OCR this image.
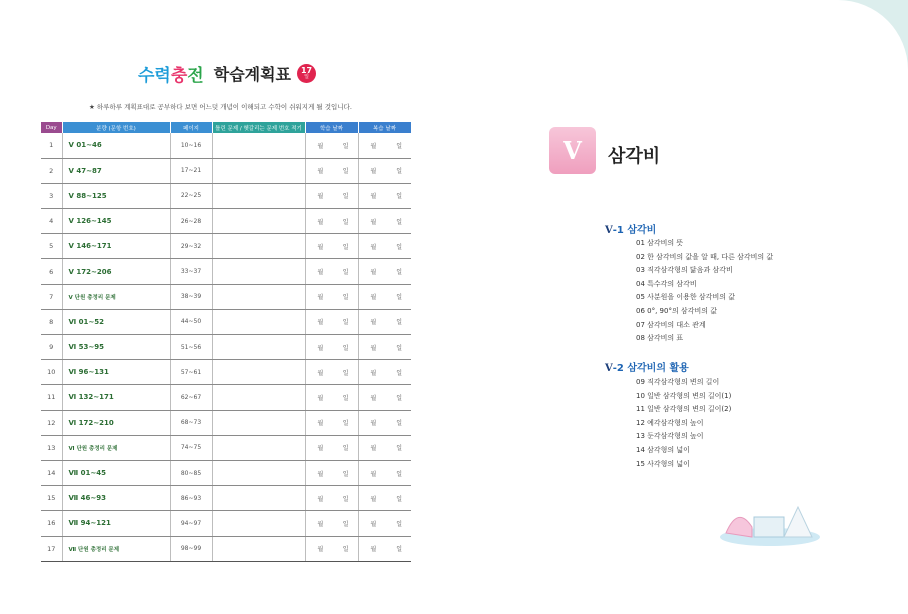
수력충전 학습계획표 17
일
★ 하루하루 계획표대로 공부하다 보면 어느덧 개념이 이해되고 수학이 쉬워지게 될 것입니다.
Day	분량 (문항 번호)	페이지	틀린 문제 / 헷갈리는 문제 번호 적기	학습 날짜	복습 날짜
1	Ⅴ 01~46	10~16		월 일	월 일

2	Ⅴ 47~87	17~21		월 일	월 일

3	Ⅴ 88~125	22~25		월 일	월 일

4	Ⅴ 126~145	26~28		월 일	월 일

5	Ⅴ 146~171	29~32		월 일	월 일

6	Ⅴ 172~206	33~37		월 일	월 일

7	Ⅴ 단원 총정리 문제	38~39		월 일	월 일

8	Ⅵ 01~52	44~50		월 일	월 일

9	Ⅵ 53~95	51~56		월 일	월 일

10	Ⅵ 96~131	57~61		월 일	월 일

11	Ⅵ 132~171	62~67		월 일	월 일

12	Ⅵ 172~210	68~73		월 일	월 일

13	Ⅵ 단원 총정리 문제	74~75		월 일	월 일

14	Ⅶ 01~45	80~85		월 일	월 일

15	Ⅶ 46~93	86~93		월 일	월 일

16	Ⅶ 94~121	94~97		월 일	월 일

17	Ⅶ 단원 총정리 문제	98~99		월 일	월 일
Ⅴ	삼각비
Ⅴ-1 삼각비
01 삼각비의 뜻
02 한 삼각비의 값을 알 때, 다른 삼각비의 값
03 직각삼각형의 닮음과 삼각비
04 특수각의 삼각비
05 사분원을 이용한 삼각비의 값
06 0°, 90°의 삼각비의 값
07 삼각비의 대소 관계
08 삼각비의 표
Ⅴ-2 삼각비의 활용
09 직각삼각형의 변의 길이
10 일반 삼각형의 변의 길이(1)
11 일반 삼각형의 변의 길이(2)
12 예각삼각형의 높이
13 둔각삼각형의 높이
14 삼각형의 넓이
15 사각형의 넓이
